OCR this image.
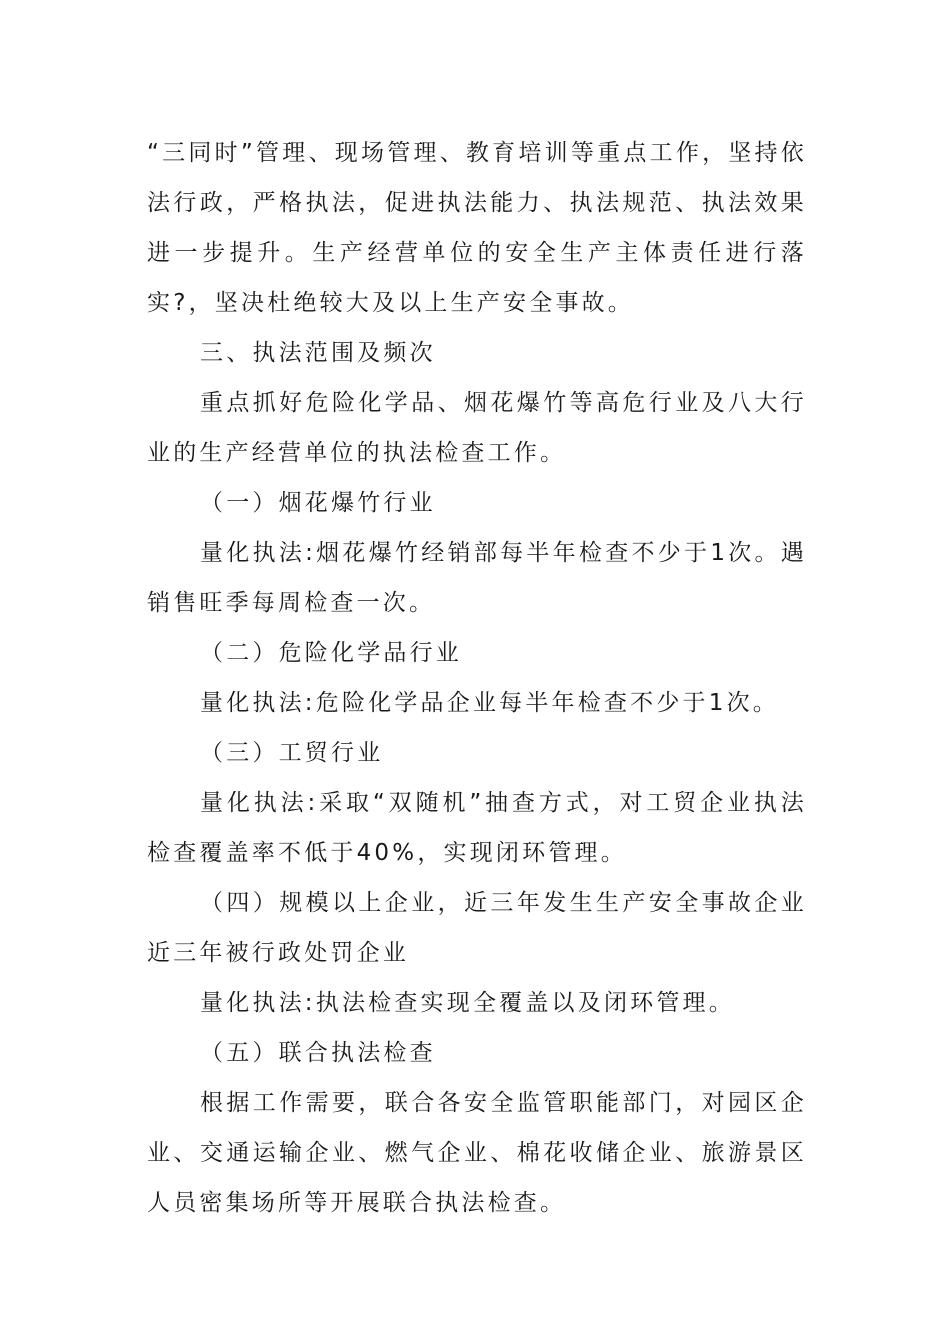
“三同时”管理、现场管理、教育培训等重点工作，坚持依法行政，严格执法，促进执法能力、执法规范、执法效果进一步提升。生产经营单位的安全生产主体责任进行落实?，坚决杜绝较大及以上生产安全事故。

三、执法范围及频次

重点抓好危险化学品、烟花爆竹等高危行业及八大行业的生产经营单位的执法检查工作。

（一）烟花爆竹行业

量化执法:烟花爆竹经销部每半年检查不少于1次。遇销售旺季每周检查一次。

（二）危险化学品行业

量化执法:危险化学品企业每半年检查不少于1次。

（三）工贸行业

量化执法:采取“双随机”抽查方式，对工贸企业执法检查覆盖率不低于40%，实现闭环管理。

（四）规模以上企业，近三年发生生产安全事故企业近三年被行政处罚企业

量化执法:执法检查实现全覆盖以及闭环管理。

（五）联合执法检查

根据工作需要，联合各安全监管职能部门，对园区企业、交通运输企业、燃气企业、棉花收储企业、旅游景区人员密集场所等开展联合执法检查。
